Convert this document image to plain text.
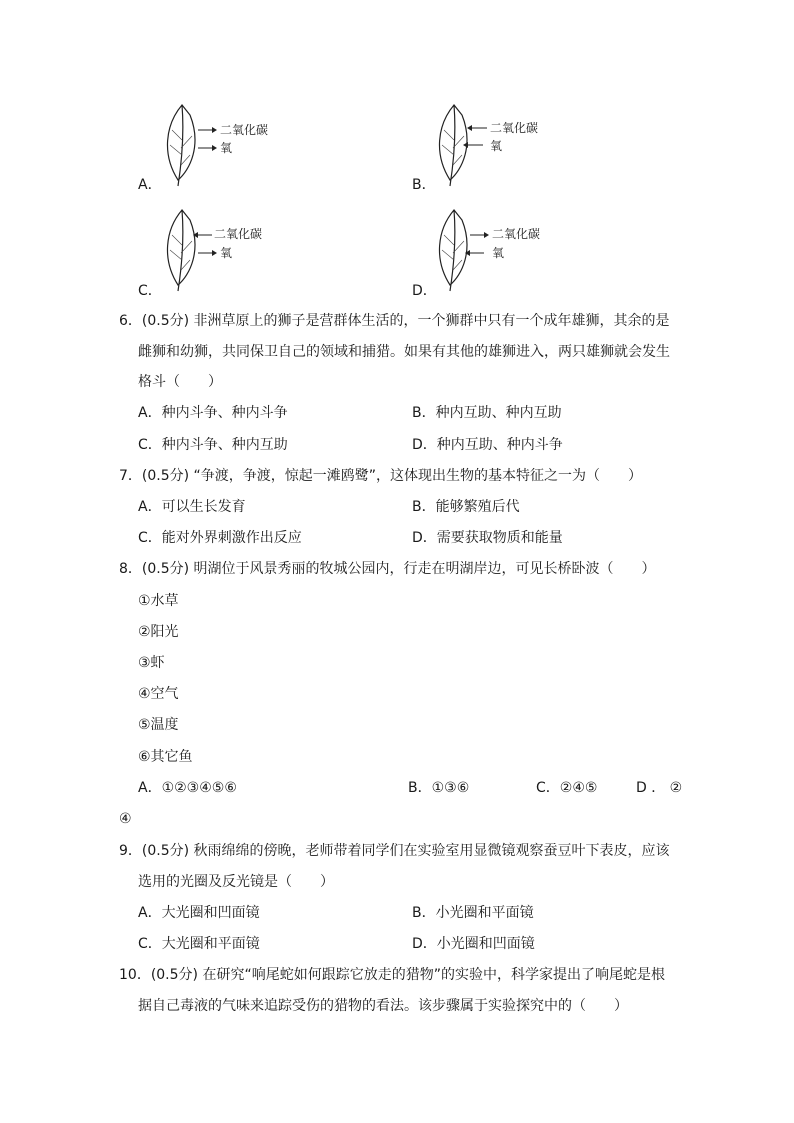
二氧化碳
氧
A．
二氧化碳
氧
B．
二氧化碳
氧
C．
二氧化碳
氧
D．
6．(0.5分) 非洲草原上的狮子是营群体生活的，一个狮群中只有一个成年雄狮，其余的是
雌狮和幼狮，共同保卫自己的领域和捕猎。如果有其他的雄狮进入，两只雄狮就会发生
格斗（　　）
A．种内斗争、种内斗争	B．种内互助、种内互助
C．种内斗争、种内互助	D．种内互助、种内斗争
7．(0.5分) “争渡，争渡，惊起一滩鸥鹭”，这体现出生物的基本特征之一为（　　）
A．可以生长发育	B．能够繁殖后代
C．能对外界刺激作出反应	D．需要获取物质和能量
8．(0.5分) 明湖位于风景秀丽的牧城公园内，行走在明湖岸边，可见长桥卧波（　　）
①水草
②阳光
③虾
④空气
⑤温度
⑥其它鱼
A．①②③④⑤⑥	B．①③⑥	C．②④⑤	D ． ②
④
9．(0.5分) 秋雨绵绵的傍晚，老师带着同学们在实验室用显微镜观察蚕豆叶下表皮，应该
选用的光圈及反光镜是（　　）
A．大光圈和凹面镜	B．小光圈和平面镜
C．大光圈和平面镜	D．小光圈和凹面镜
10．(0.5分) 在研究“响尾蛇如何跟踪它放走的猎物”的实验中，科学家提出了响尾蛇是根
据自己毒液的气味来追踪受伤的猎物的看法。该步骤属于实验探究中的（　　）
